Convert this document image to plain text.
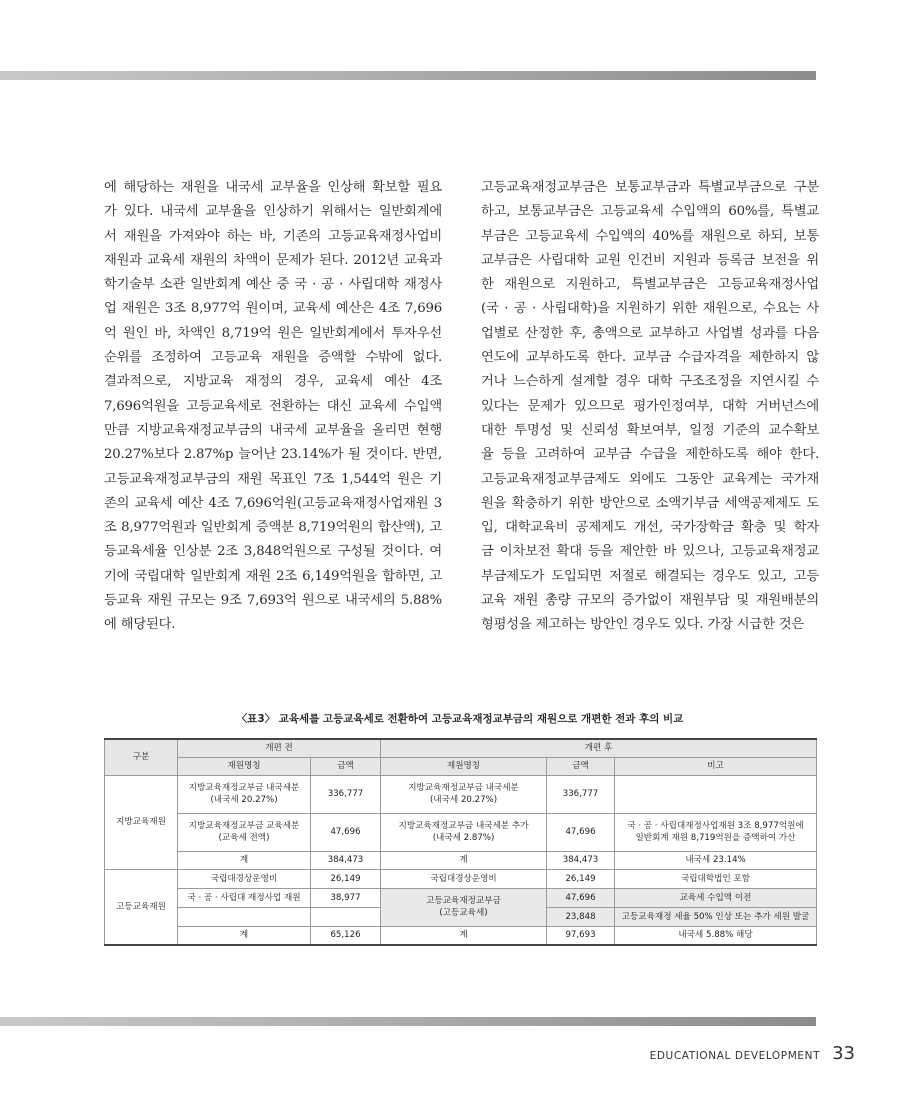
에 해당하는 재원을 내국세 교부율을 인상해 확보할 필요
가 있다. 내국세 교부율을 인상하기 위해서는 일반회계에
서 재원을 가져와야 하는 바, 기존의 고등교육재정사업비
재원과 교육세 재원의 차액이 문제가 된다. 2012년 교육과
학기술부 소관 일반회계 예산 중 국 · 공 · 사립대학 재정사
업 재원은 3조 8,977억 원이며, 교육세 예산은 4조 7,696
억 원인 바, 차액인 8,719억 원은 일반회계에서 투자우선
순위를 조정하여 고등교육 재원을 증액할 수밖에 없다.
결과적으로, 지방교육 재정의 경우, 교육세 예산 4조
7,696억원을 고등교육세로 전환하는 대신 교육세 수입액
만큼 지방교육재정교부금의 내국세 교부율을 올리면 현행
20.27%보다 2.87%p 늘어난 23.14%가 될 것이다. 반면,
고등교육재정교부금의 재원 목표인 7조 1,544억 원은 기
존의 교육세 예산 4조 7,696억원(고등교육재정사업재원 3
조 8,977억원과 일반회계 증액분 8,719억원의 합산액), 고
등교육세율 인상분 2조 3,848억원으로 구성될 것이다. 여
기에 국립대학 일반회계 재원 2조 6,149억원을 합하면, 고
등교육 재원 규모는 9조 7,693억 원으로 내국세의 5.88%
에 해당된다.
고등교육재정교부금은 보통교부금과 특별교부금으로 구분
하고, 보통교부금은 고등교육세 수입액의 60%를, 특별교
부금은 고등교육세 수입액의 40%를 재원으로 하되, 보통
교부금은 사립대학 교원 인건비 지원과 등록금 보전을 위
한 재원으로 지원하고, 특별교부금은 고등교육재정사업
(국 · 공 · 사립대학)을 지원하기 위한 재원으로, 수요는 사
업별로 산정한 후, 총액으로 교부하고 사업별 성과를 다음
연도에 교부하도록 한다. 교부금 수급자격을 제한하지 않
거나 느슨하게 설계할 경우 대학 구조조정을 지연시킬 수
있다는 문제가 있으므로 평가인정여부, 대학 거버넌스에
대한 투명성 및 신뢰성 확보여부, 일정 기준의 교수확보
율 등을 고려하여 교부금 수급을 제한하도록 해야 한다.
고등교육재정교부금제도 외에도 그동안 교육계는 국가재
원을 확충하기 위한 방안으로 소액기부금 세액공제제도 도
입, 대학교육비 공제제도 개선, 국가장학금 확충 및 학자
금 이차보전 확대 등을 제안한 바 있으나, 고등교육재정교
부금제도가 도입되면 저절로 해결되는 경우도 있고, 고등
교육 재원 총량 규모의 증가없이 재원부담 및 재원배분의
형평성을 제고하는 방안인 경우도 있다. 가장 시급한 것은
〈표3〉 교육세를 고등교육세로 전환하여 고등교육재정교부금의 재원으로 개편한 전과 후의 비교
구분	개편 전		개편 후		
	재원명칭	금액	재원명칭	금액	비고
지방교육재원	지방교육재정교부금 내국세분
(내국세 20.27%)	336,777	지방교육재정교부금 내국세분
(내국세 20.27%)	336,777	
	지방교육재정교부금 교육세분
(교육세 전액)	47,696	지방교육재정교부금 내국세분 추가
(내국세 2.87%)	47,696	국 · 공 · 사립대재정사업재원 3조 8,977억원에
일반회계 재원 8,719억원을 증액하여 가산
	계	384,473	계	384,473	내국세 23.14%
고등교육재원	국립대경상운영비	26,149	국립대경상운영비	26,149	국립대학법인 포함
	국 · 공 · 사립대 재정사업 재원	38,977	고등교육재정교부금
(고등교육세)	47,696	교육세 수입액 이전
				23,848	고등교육재정 세율 50% 인상 또는 추가 세원 발굴
	계	65,126	계	97,693	내국세 5.88% 해당
EDUCATIONAL DEVELOPMENT 33
